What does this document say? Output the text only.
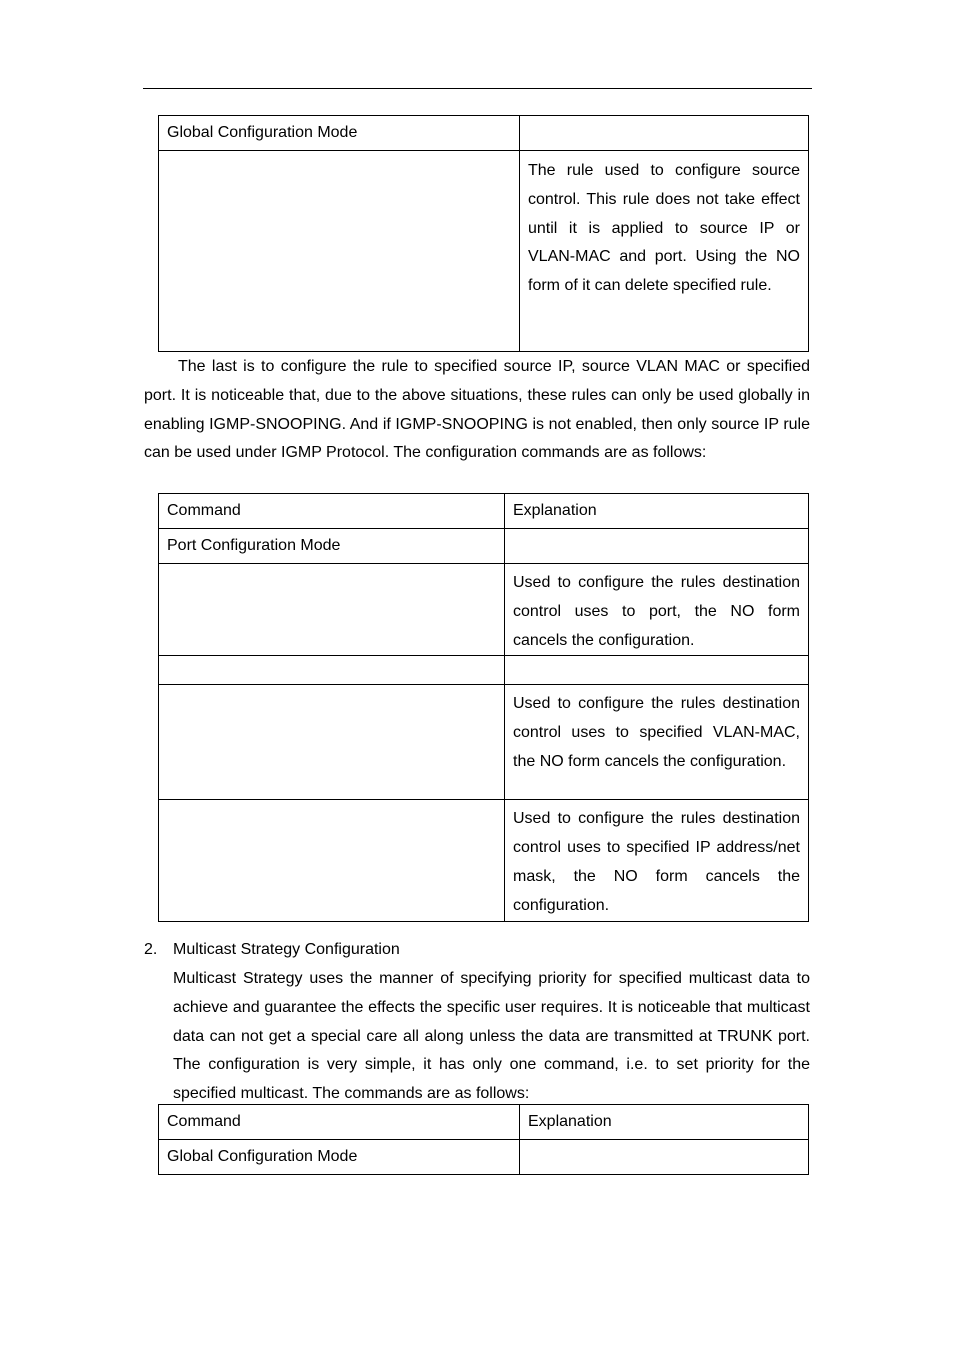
Global Configuration Mode	
	The rule used to configure source control. This rule does not take effect until it is applied to source IP or VLAN-MAC and port. Using the NO form of it can delete specified rule.

The last is to configure the rule to specified source IP, source VLAN MAC or specified port. It is noticeable that, due to the above situations, these rules can only be used globally in enabling IGMP-SNOOPING. And if IGMP-SNOOPING is not enabled, then only source IP rule can be used under IGMP Protocol. The configuration commands are as follows:

Command	Explanation
Port Configuration Mode	
	Used to configure the rules destination control uses to port, the NO form cancels the configuration.

	Used to configure the rules destination control uses to specified VLAN-MAC, the NO form cancels the configuration.
	Used to configure the rules destination control uses to specified IP address/net mask, the NO form cancels the configuration.
2. Multicast Strategy Configuration

Multicast Strategy uses the manner of specifying priority for specified multicast data to achieve and guarantee the effects the specific user requires. It is noticeable that multicast data can not get a special care all along unless the data are transmitted at TRUNK port. The configuration is very simple, it has only one command, i.e. to set priority for the specified multicast. The commands are as follows:

Command	Explanation
Global Configuration Mode	
